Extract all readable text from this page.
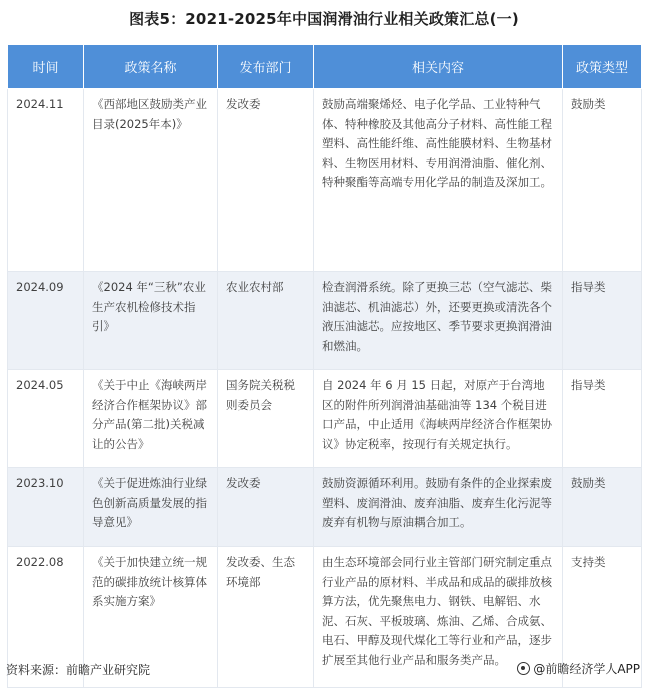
图表5：2021-2025年中国润滑油行业相关政策汇总(一)
时间	政策名称	发布部门	相关内容	政策类型
2024.11	《西部地区鼓励类产业目录(2025年本)》	发改委	鼓励高端聚烯烃、电子化学品、工业特种气体、特种橡胶及其他高分子材料、高性能工程塑料、高性能纤维、高性能膜材料、生物基材料、生物医用材料、专用润滑油脂、催化剂、特种聚酯等高端专用化学品的制造及深加工。	鼓励类
2024.09	《2024 年“三秋”农业生产农机检修技术指引》	农业农村部	检查润滑系统。除了更换三芯（空气滤芯、柴油滤芯、机油滤芯）外，还要更换或清洗各个液压油滤芯。应按地区、季节要求更换润滑油和燃油。	指导类
2024.05	《关于中止《海峡两岸经济合作框架协议》部分产品(第二批)关税减让的公告》	国务院关税税则委员会	自 2024 年 6 月 15 日起，对原产于台湾地区的附件所列润滑油基础油等 134 个税目进口产品，中止适用《海峡两岸经济合作框架协议》协定税率，按现行有关规定执行。	指导类
2023.10	《关于促进炼油行业绿色创新高质量发展的指导意见》	发改委	鼓励资源循环利用。鼓励有条件的企业探索废塑料、废润滑油、废弃油脂、废弃生化污泥等废弃有机物与原油耦合加工。	鼓励类
2022.08	《关于加快建立统一规范的碳排放统计核算体系实施方案》	发改委、生态环境部	由生态环境部会同行业主管部门研究制定重点行业产品的原材料、半成品和成品的碳排放核算方法，优先聚焦电力、钢铁、电解铝、水泥、石灰、平板玻璃、炼油、乙烯、合成氨、电石、甲醇及现代煤化工等行业和产品，逐步扩展至其他行业产品和服务类产品。	支持类
资料来源：前瞻产业研究院	@前瞻经济学人APP
